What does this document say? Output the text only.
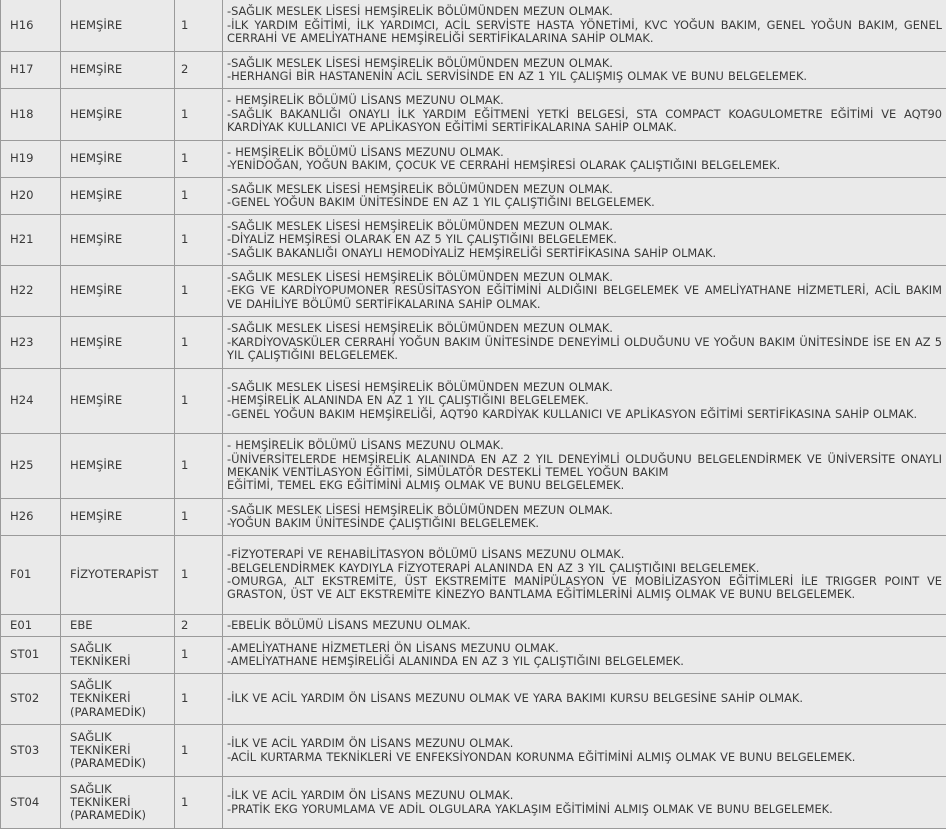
H16	HEMŞİRE	1	-SAĞLIK MESLEK LİSESİ HEMŞİRELİK BÖLÜMÜNDEN MEZUN OLMAK.
-İLK YARDIM EĞİTİMİ, İLK YARDIMCI, ACİL SERVİSTE HASTA YÖNETİMİ, KVC YOĞUN BAKIM, GENEL YOĞUN BAKIM, GENEL CERRAHİ VE AMELİYATHANE HEMŞİRELİĞİ SERTİFİKALARINA SAHİP OLMAK.

H17	HEMŞİRE	2	-SAĞLIK MESLEK LİSESİ HEMŞİRELİK BÖLÜMÜNDEN MEZUN OLMAK.
-HERHANGİ BİR HASTANENİN ACİL SERVİSİNDE EN AZ 1 YIL ÇALIŞMIŞ OLMAK VE BUNU BELGELEMEK.

H18	HEMŞİRE	1	- HEMŞİRELİK BÖLÜMÜ LİSANS MEZUNU OLMAK.
-SAĞLIK BAKANLIĞI ONAYLI İLK YARDIM EĞİTMENİ YETKİ BELGESİ, STA COMPACT KOAGULOMETRE EĞİTİMİ VE AQT90 KARDİYAK KULLANICI VE APLİKASYON EĞİTİMİ SERTİFİKALARINA SAHİP OLMAK.

H19	HEMŞİRE	1	- HEMŞİRELİK BÖLÜMÜ LİSANS MEZUNU OLMAK.
-YENİDOĞAN, YOĞUN BAKIM, ÇOCUK VE CERRAHİ HEMŞİRESİ OLARAK ÇALIŞTIĞINI BELGELEMEK.

H20	HEMŞİRE	1	-SAĞLIK MESLEK LİSESİ HEMŞİRELİK BÖLÜMÜNDEN MEZUN OLMAK.
-GENEL YOĞUN BAKIM ÜNİTESİNDE EN AZ 1 YIL ÇALIŞTIĞINI BELGELEMEK.

H21	HEMŞİRE	1	-SAĞLIK MESLEK LİSESİ HEMŞİRELİK BÖLÜMÜNDEN MEZUN OLMAK.
-DİYALİZ HEMŞİRESİ OLARAK EN AZ 5 YIL ÇALIŞTIĞINI BELGELEMEK.
-SAĞLIK BAKANLIĞI ONAYLI HEMODİYALİZ HEMŞİRELİĞİ SERTİFİKASINA SAHİP OLMAK.

H22	HEMŞİRE	1	-SAĞLIK MESLEK LİSESİ HEMŞİRELİK BÖLÜMÜNDEN MEZUN OLMAK.
-EKG VE KARDİYOPUMONER RESÜSİTASYON EĞİTİMİNİ ALDIĞINI BELGELEMEK VE AMELİYATHANE HİZMETLERİ, ACİL BAKIM VE DAHİLİYE BÖLÜMÜ SERTİFİKALARINA SAHİP OLMAK.

H23	HEMŞİRE	1	-SAĞLIK MESLEK LİSESİ HEMŞİRELİK BÖLÜMÜNDEN MEZUN OLMAK.
-KARDİYOVASKÜLER CERRAHİ YOĞUN BAKIM ÜNİTESİNDE DENEYİMLİ OLDUĞUNU VE YOĞUN BAKIM ÜNİTESİNDE İSE EN AZ 5 YIL ÇALIŞTIĞINI BELGELEMEK.

H24	HEMŞİRE	1	-SAĞLIK MESLEK LİSESİ HEMŞİRELİK BÖLÜMÜNDEN MEZUN OLMAK.
-HEMŞİRELİK ALANINDA EN AZ 1 YIL ÇALIŞTIĞINI BELGELEMEK.
-GENEL YOĞUN BAKIM HEMŞİRELİĞİ, AQT90 KARDİYAK KULLANICI VE APLİKASYON EĞİTİMİ SERTİFİKASINA SAHİP OLMAK.

H25	HEMŞİRE	1	- HEMŞİRELİK BÖLÜMÜ LİSANS MEZUNU OLMAK.
-ÜNİVERSİTELERDE HEMŞİRELİK ALANINDA EN AZ 2 YIL DENEYİMLİ OLDUĞUNU BELGELENDİRMEK VE ÜNİVERSİTE ONAYLI MEKANİK VENTİLASYON EĞİTİMİ, SİMÜLATÖR DESTEKLİ TEMEL YOĞUN BAKIM
EĞİTİMİ, TEMEL EKG EĞİTİMİNİ ALMIŞ OLMAK VE BUNU BELGELEMEK.

H26	HEMŞİRE	1	-SAĞLIK MESLEK LİSESİ HEMŞİRELİK BÖLÜMÜNDEN MEZUN OLMAK.
-YOĞUN BAKIM ÜNİTESİNDE ÇALIŞTIĞINI BELGELEMEK.

F01	FİZYOTERAPİST	1	-FİZYOTERAPİ VE REHABİLİTASYON BÖLÜMÜ LİSANS MEZUNU OLMAK.
-BELGELENDİRMEK KAYDIYLA FİZYOTERAPİ ALANINDA EN AZ 3 YIL ÇALIŞTIĞINI BELGELEMEK.
-OMURGA, ALT EKSTREMİTE, ÜST EKSTREMİTE MANİPÜLASYON VE MOBİLİZASYON EĞİTİMLERİ İLE TRIGGER POINT VE GRASTON, ÜST VE ALT EKSTREMİTE KİNEZYO BANTLAMA EĞİTİMLERİNİ ALMIŞ OLMAK VE BUNU BELGELEMEK.

E01	EBE	2	-EBELİK BÖLÜMÜ LİSANS MEZUNU OLMAK.

ST01	SAĞLIK TEKNİKERİ	1	-AMELİYATHANE HİZMETLERİ ÖN LİSANS MEZUNU OLMAK.
-AMELİYATHANE HEMŞİRELİĞİ ALANINDA EN AZ 3 YIL ÇALIŞTIĞINI BELGELEMEK.

ST02	SAĞLIK TEKNİKERİ (PARAMEDİK)	1	-İLK VE ACİL YARDIM ÖN LİSANS MEZUNU OLMAK VE YARA BAKIMI KURSU BELGESİNE SAHİP OLMAK.

ST03	SAĞLIK TEKNİKERİ (PARAMEDİK)	1	-İLK VE ACİL YARDIM ÖN LİSANS MEZUNU OLMAK.
-ACİL KURTARMA TEKNİKLERİ VE ENFEKSİYONDAN KORUNMA EĞİTİMİNİ ALMIŞ OLMAK VE BUNU BELGELEMEK.

ST04	SAĞLIK TEKNİKERİ (PARAMEDİK)	1	-İLK VE ACİL YARDIM ÖN LİSANS MEZUNU OLMAK.
-PRATİK EKG YORUMLAMA VE ADİL OLGULARA YAKLAŞIM EĞİTİMİNİ ALMIŞ OLMAK VE BUNU BELGELEMEK.
